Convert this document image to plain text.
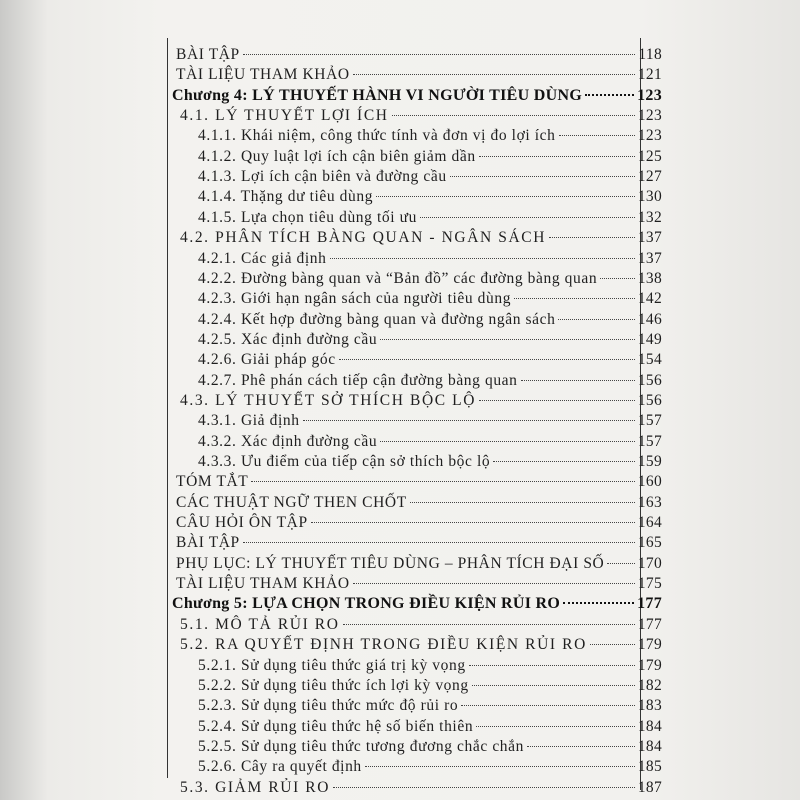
BÀI TẬP	118
TÀI LIỆU THAM KHẢO	121
Chương 4: LÝ THUYẾT HÀNH VI NGƯỜI TIÊU DÙNG	123
4.1. LÝ THUYẾT LỢI ÍCH	123
4.1.1. Khái niệm, công thức tính và đơn vị đo lợi ích	123
4.1.2. Quy luật lợi ích cận biên giảm dần	125
4.1.3. Lợi ích cận biên và đường cầu	127
4.1.4. Thặng dư tiêu dùng	130
4.1.5. Lựa chọn tiêu dùng tối ưu	132
4.2. PHÂN TÍCH BÀNG QUAN - NGÂN SÁCH	137
4.2.1. Các giả định	137
4.2.2. Đường bàng quan và “Bản đồ” các đường bàng quan	138
4.2.3. Giới hạn ngân sách của người tiêu dùng	142
4.2.4. Kết hợp đường bàng quan và đường ngân sách	146
4.2.5. Xác định đường cầu	149
4.2.6. Giải pháp góc	154
4.2.7. Phê phán cách tiếp cận đường bàng quan	156
4.3. LÝ THUYẾT SỞ THÍCH BỘC LỘ	156
4.3.1. Giả định	157
4.3.2. Xác định đường cầu	157
4.3.3. Ưu điểm của tiếp cận sở thích bộc lộ	159
TÓM TẮT	160
CÁC THUẬT NGỮ THEN CHỐT	163
CÂU HỎI ÔN TẬP	164
BÀI TẬP	165
PHỤ LỤC: LÝ THUYẾT TIÊU DÙNG – PHÂN TÍCH ĐẠI SỐ 170
TÀI LIỆU THAM KHẢO	175
Chương 5: LỰA CHỌN TRONG ĐIỀU KIỆN RỦI RO	177
5.1. MÔ TẢ RỦI RO	177
5.2. RA QUYẾT ĐỊNH TRONG ĐIỀU KIỆN RỦI RO	179
5.2.1. Sử dụng tiêu thức giá trị kỳ vọng	179
5.2.2. Sử dụng tiêu thức ích lợi kỳ vọng	182
5.2.3. Sử dụng tiêu thức mức độ rủi ro	183
5.2.4. Sử dụng tiêu thức hệ số biến thiên	184
5.2.5. Sử dụng tiêu thức tương đương chắc chắn	184
5.2.6. Cây ra quyết định	185
5.3. GIẢM RỦI RO	187
